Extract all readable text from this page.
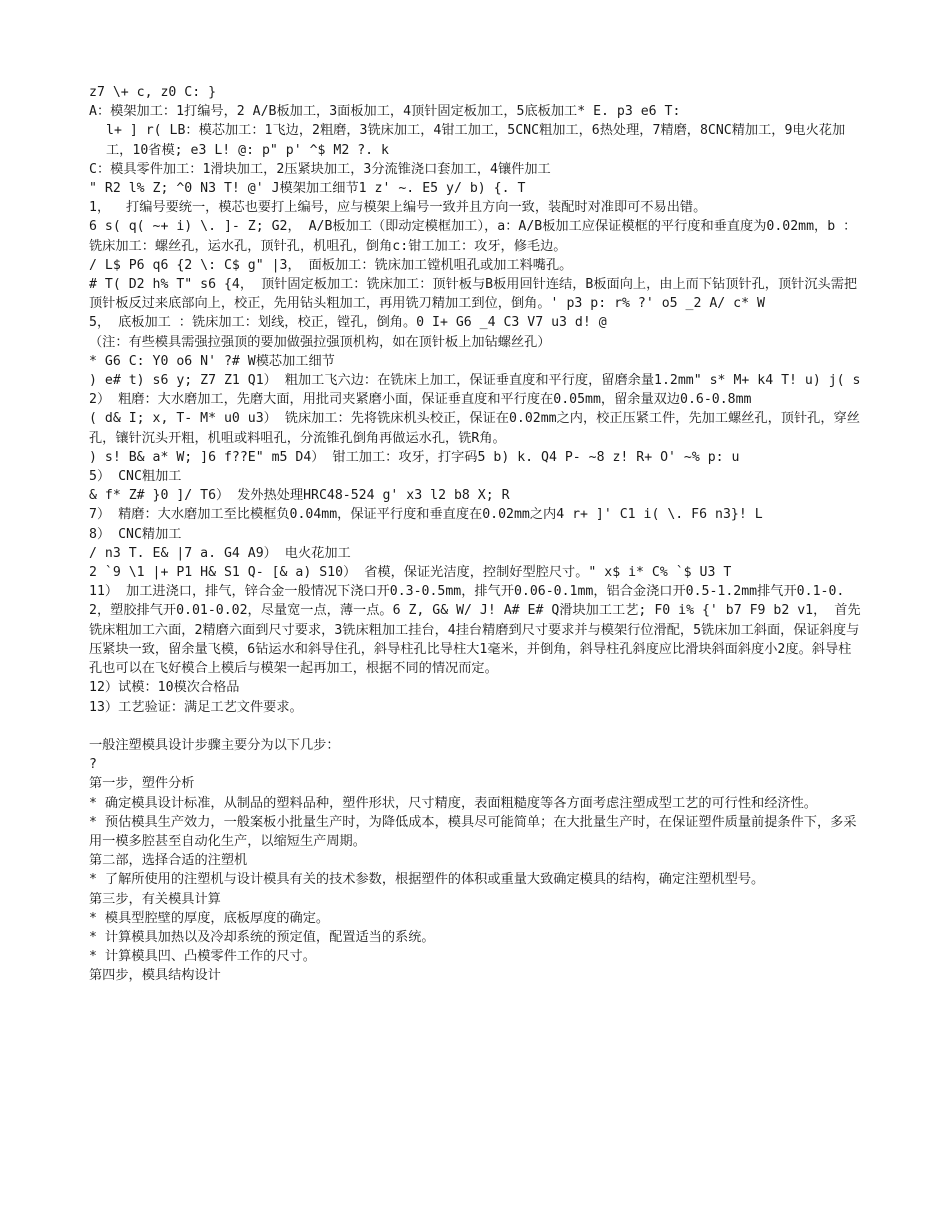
z7 \+ c, z0 C: }

A：模架加工：1打编号，2 A/B板加工，3面板加工，4顶针固定板加工，5底板加工* E. p3 e6 T:

l+ ] r( LB：模芯加工：1飞边，2粗磨，3铣床加工，4钳工加工，5CNC粗加工，6热处理，7精磨，8CNC精加工，9电火花加工，10省模; e3 L! @: p" p' ^$ M2 ?. k

C：模具零件加工：1滑块加工，2压紧块加工，3分流锥浇口套加工，4镶件加工

" R2 l% Z; ^0 N3 T! @' J模架加工细节1 z' ~. E5 y/ b) {. T

1，  打编号要统一，模芯也要打上编号，应与模架上编号一致并且方向一致，装配时对准即可不易出错。

6 s( q( ~+ i) \. ]- Z; G2， A/B板加工（即动定模框加工），a：A/B板加工应保证模框的平行度和垂直度为0.02mm，b ：铣床加工：螺丝孔，运水孔，顶针孔，机咀孔，倒角c:钳工加工：攻牙，修毛边。

/ L$ P6 q6 {2 \: C$ g" |3， 面板加工：铣床加工镗机咀孔或加工料嘴孔。

# T( D2 h% T" s6 {4， 顶针固定板加工：铣床加工：顶针板与B板用回针连结，B板面向上，由上而下钻顶针孔，顶针沉头需把顶针板反过来底部向上，校正，先用钻头粗加工，再用铣刀精加工到位，倒角。' p3 p: r% ?' o5 _2 A/ c* W

5， 底板加工 ：铣床加工：划线，校正，镗孔，倒角。0 I+ G6 _4 C3 V7 u3 d! @

（注：有些模具需强拉强顶的要加做强拉强顶机构，如在顶针板上加钻螺丝孔）

* G6 C: Y0 o6 N' ?# W模芯加工细节

) e# t) s6 y; Z7 Z1 Q1） 粗加工飞六边：在铣床上加工，保证垂直度和平行度，留磨余量1.2mm" s* M+ k4 T! u) j( s

2） 粗磨：大水磨加工，先磨大面，用批司夹紧磨小面，保证垂直度和平行度在0.05mm，留余量双边0.6-0.8mm

( d& I; x, T- M* u0 u3） 铣床加工：先将铣床机头校正，保证在0.02mm之内，校正压紧工件，先加工螺丝孔，顶针孔，穿丝孔，镶针沉头开粗，机咀或料咀孔，分流锥孔倒角再做运水孔，铣R角。

) s! B& a* W; ]6 f??E" m5 D4） 钳工加工：攻牙，打字码5 b) k. Q4 P- ~8 z! R+ O' ~% p: u

5） CNC粗加工

& f* Z# }0 ]/ T6） 发外热处理HRC48-524 g' x3 l2 b8 X; R

7） 精磨：大水磨加工至比模框负0.04mm，保证平行度和垂直度在0.02mm之内4 r+ ]' C1 i( \. F6 n3}! L

8） CNC精加工

/ n3 T. E& |7 a. G4 A9） 电火花加工

2 `9 \1 |+ P1 H& S1 Q- [& a) S10） 省模，保证光洁度，控制好型腔尺寸。" x$ i* C% `$ U3 T

11） 加工进浇口，排气，锌合金一般情况下浇口开0.3-0.5mm，排气开0.06-0.1mm，铝合金浇口开0.5-1.2mm排气开0.1-0.2，塑胶排气开0.01-0.02，尽量宽一点，薄一点。6 Z, G& W/ J! A# E# Q滑块加工工艺; F0 i% {' b7 F9 b2 v1， 首先铣床粗加工六面，2精磨六面到尺寸要求，3铣床粗加工挂台，4挂台精磨到尺寸要求并与模架行位滑配，5铣床加工斜面，保证斜度与压紧块一致，留余量飞模，6钻运水和斜导住孔，斜导柱孔比导柱大1毫米，并倒角，斜导柱孔斜度应比滑块斜面斜度小2度。斜导柱孔也可以在飞好模合上模后与模架一起再加工，根据不同的情况而定。

12）试模：10模次合格品

13）工艺验证：满足工艺文件要求。

一般注塑模具设计步骤主要分为以下几步：

?

第一步，塑件分析

* 确定模具设计标准，从制品的塑料品种，塑件形状，尺寸精度，表面粗糙度等各方面考虑注塑成型工艺的可行性和经济性。

* 预估模具生产效力，一般案板小批量生产时，为降低成本，模具尽可能简单；在大批量生产时，在保证塑件质量前提条件下，多采用一模多腔甚至自动化生产，以缩短生产周期。

第二部，选择合适的注塑机

* 了解所使用的注塑机与设计模具有关的技术参数，根据塑件的体积或重量大致确定模具的结构，确定注塑机型号。

第三步，有关模具计算

* 模具型腔壁的厚度，底板厚度的确定。

* 计算模具加热以及冷却系统的预定值，配置适当的系统。

* 计算模具凹、凸模零件工作的尺寸。

第四步，模具结构设计
